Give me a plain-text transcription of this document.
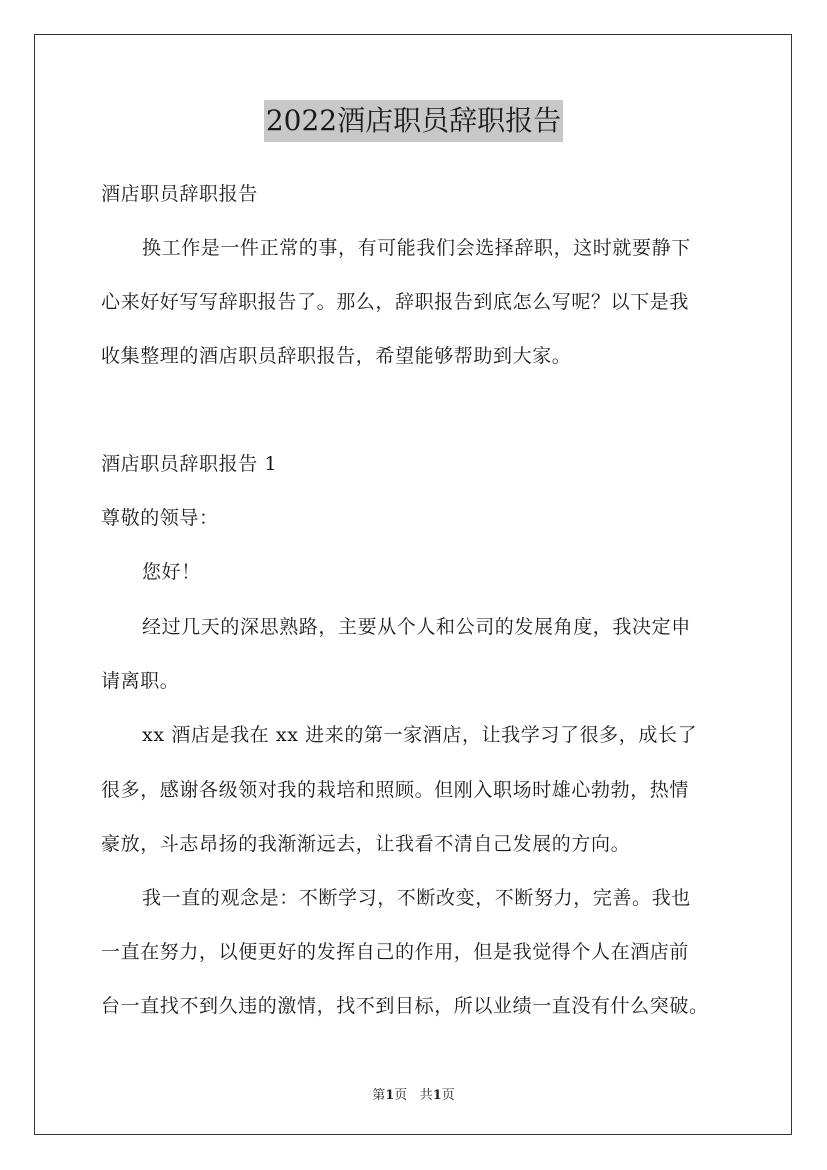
2022酒店职员辞职报告
酒店职员辞职报告
换工作是一件正常的事，有可能我们会选择辞职，这时就要静下
心来好好写写辞职报告了。那么，辞职报告到底怎么写呢？以下是我
收集整理的酒店职员辞职报告，希望能够帮助到大家。
酒店职员辞职报告 1
尊敬的领导：
您好！
经过几天的深思熟路，主要从个人和公司的发展角度，我决定申
请离职。
xx 酒店是我在 xx 进来的第一家酒店，让我学习了很多，成长了
很多，感谢各级领对我的栽培和照顾。但刚入职场时雄心勃勃，热情
豪放，斗志昂扬的我渐渐远去，让我看不清自己发展的方向。
我一直的观念是：不断学习，不断改变，不断努力，完善。我也
一直在努力，以便更好的发挥自己的作用，但是我觉得个人在酒店前
台一直找不到久违的激情，找不到目标，所以业绩一直没有什么突破。
第1页   共1页
